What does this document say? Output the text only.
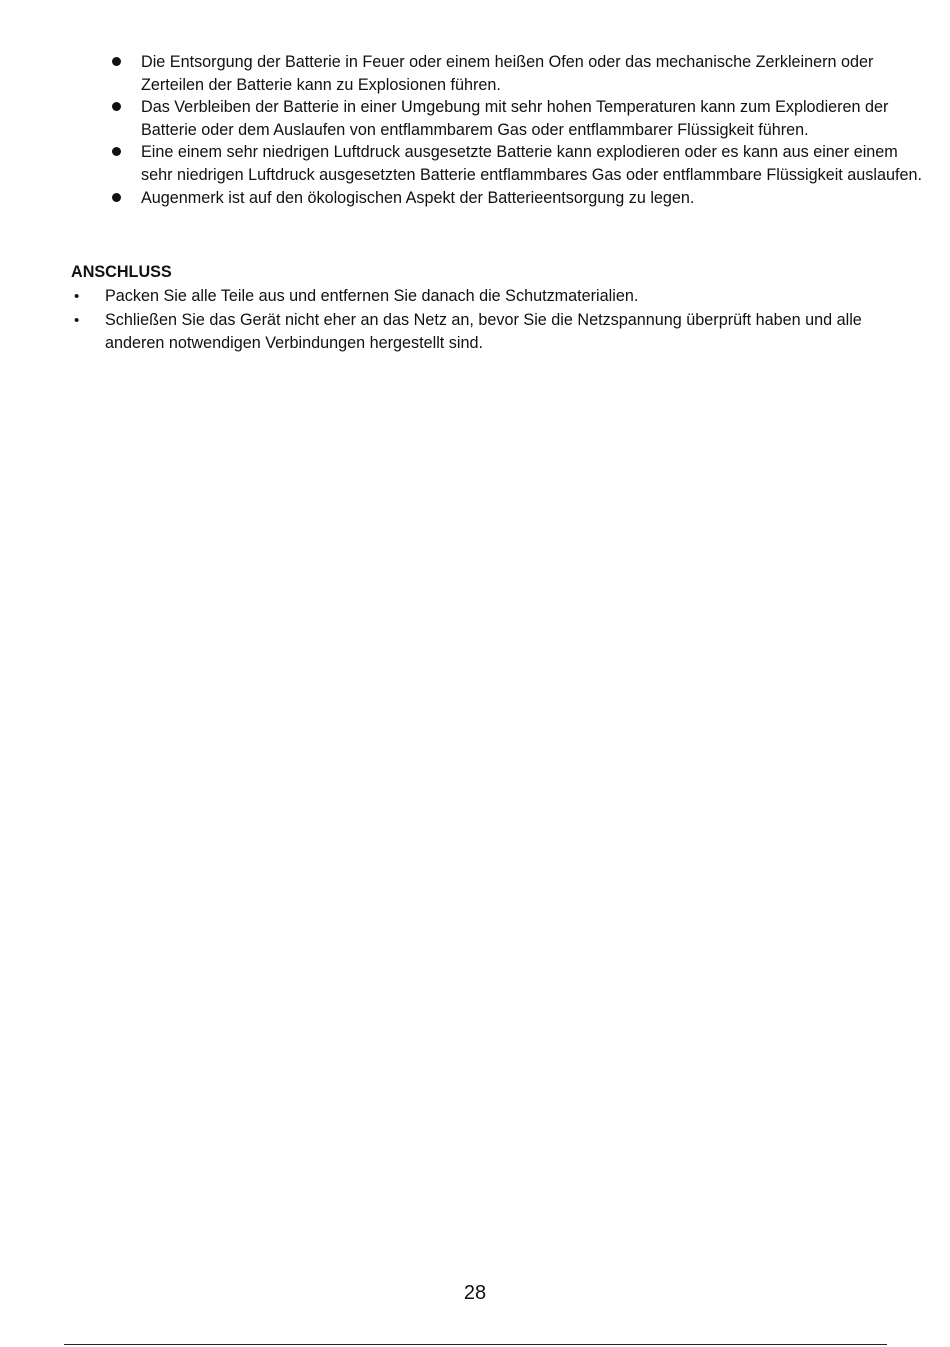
Die Entsorgung der Batterie in Feuer oder einem heißen Ofen oder das mechanische Zerkleinern oder Zerteilen der Batterie kann zu Explosionen führen.
Das Verbleiben der Batterie in einer Umgebung mit sehr hohen Temperaturen kann zum Explodieren der Batterie oder dem Auslaufen von entflammbarem Gas oder entflammbarer Flüssigkeit führen.
Eine einem sehr niedrigen Luftdruck ausgesetzte Batterie kann explodieren oder es kann aus einer einem sehr niedrigen Luftdruck ausgesetzten Batterie entflammbares Gas oder entflammbare Flüssigkeit auslaufen.
Augenmerk ist auf den ökologischen Aspekt der Batterieentsorgung zu legen.
ANSCHLUSS
• Packen Sie alle Teile aus und entfernen Sie danach die Schutzmaterialien.
• Schließen Sie das Gerät nicht eher an das Netz an, bevor Sie die Netzspannung überprüft haben und alle anderen notwendigen Verbindungen hergestellt sind.
28
